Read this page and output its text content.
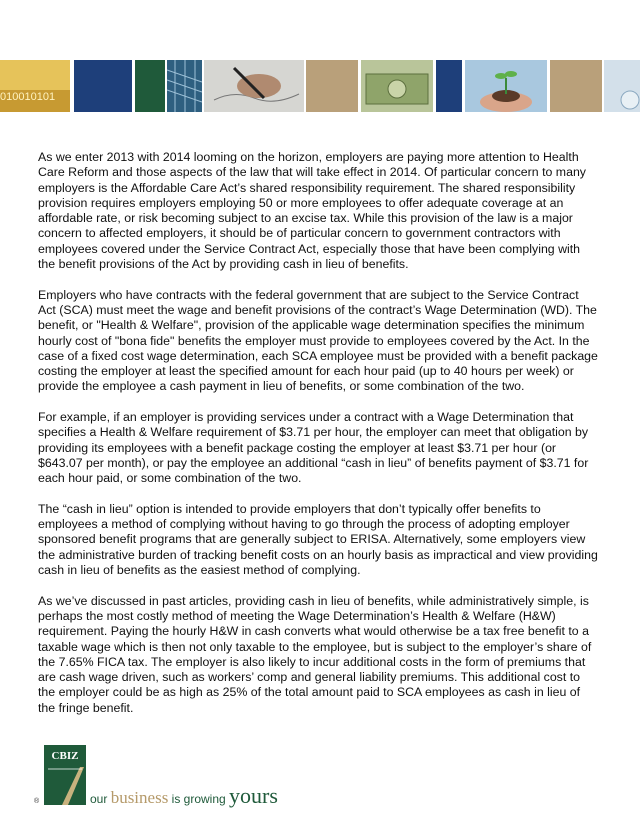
010010101

As we enter 2013 with 2014 looming on the horizon, employers are paying more attention to Health Care Reform and those aspects of the law that will take effect in 2014. Of particular concern to many employers is the Affordable Care Act’s shared responsibility requirement. The shared responsibility provision requires employers employing 50 or more employees to offer adequate coverage at an affordable rate, or risk becoming subject to an excise tax. While this provision of the law is a major concern to affected employers, it should be of particular concern to government contractors with employees covered under the Service Contract Act, especially those that have been complying with the benefit provisions of the Act by providing cash in lieu of benefits.

Employers who have contracts with the federal government that are subject to the Service Contract Act (SCA) must meet the wage and benefit provisions of the contract’s Wage Determination (WD). The benefit, or "Health & Welfare", provision of the applicable wage determination specifies the minimum hourly cost of "bona fide" benefits the employer must provide to employees covered by the Act. In the case of a fixed cost wage determination, each SCA employee must be provided with a benefit package costing the employer at least the specified amount for each hour paid (up to 40 hours per week) or provide the employee a cash payment in lieu of benefits, or some combination of the two.

For example, if an employer is providing services under a contract with a Wage Determination that specifies a Health & Welfare requirement of $3.71 per hour, the employer can meet that obligation by providing its employees with a benefit package costing the employer at least $3.71 per hour (or $643.07 per month), or pay the employee an additional “cash in lieu” of benefits payment of $3.71 for each hour paid, or some combination of the two.

The “cash in lieu” option is intended to provide employers that don’t typically offer benefits to employees a method of complying without having to go through the process of adopting employer sponsored benefit programs that are generally subject to ERISA. Alternatively, some employers view the administrative burden of tracking benefit costs on an hourly basis as impractical and view providing cash in lieu of benefits as the easiest method of complying.

As we’ve discussed in past articles, providing cash in lieu of benefits, while administratively simple, is perhaps the most costly method of meeting the Wage Determination’s Health & Welfare (H&W) requirement. Paying the hourly H&W in cash converts what would otherwise be a tax free benefit to a taxable wage which is then not only taxable to the employee, but is subject to the employer’s share of the 7.65% FICA tax. The employer is also likely to incur additional costs in the form of premiums that are cash wage driven, such as workers’ comp and general liability premiums. This additional cost to the employer could be as high as 25% of the total amount paid to SCA employees as cash in lieu of the fringe benefit.

CBIZ
®	our business is growing yours
